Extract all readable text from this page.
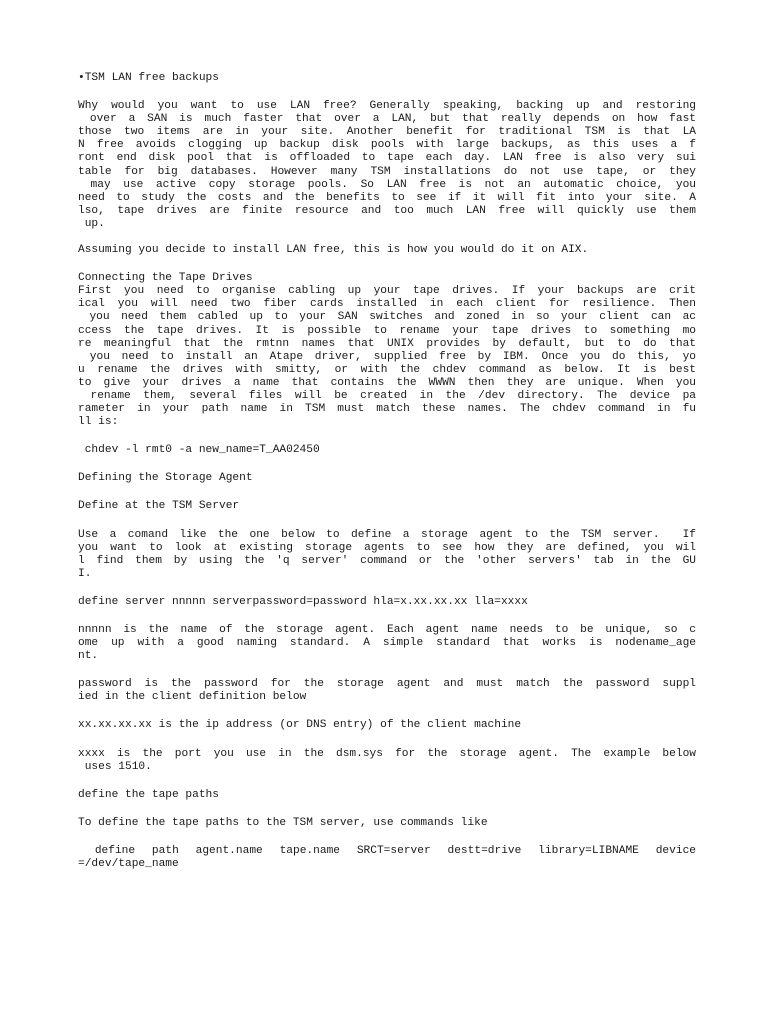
•TSM LAN free backups
Why would you want to use LAN free? Generally speaking, backing up and restoring
over a SAN is much faster that over a LAN, but that really depends on how fast
those two items are in your site. Another benefit for traditional TSM is that LA
N free avoids clogging up backup disk pools with large backups, as this uses a f
ront end disk pool that is offloaded to tape each day. LAN free is also very sui
table for big databases. However many TSM installations do not use tape, or they
may use active copy storage pools. So LAN free is not an automatic choice, you
need to study the costs and the benefits to see if it will fit into your site. A
lso, tape drives are finite resource and too much LAN free will quickly use them
up.
Assuming you decide to install LAN free, this is how you would do it on AIX.
Connecting the Tape Drives
First you need to organise cabling up your tape drives. If your backups are crit
ical you will need two fiber cards installed in each client for resilience. Then
you need them cabled up to your SAN switches and zoned in so your client can ac
ccess the tape drives. It is possible to rename your tape drives to something mo
re meaningful that the rmtnn names that UNIX provides by default, but to do that
you need to install an Atape driver, supplied free by IBM. Once you do this, yo
u rename the drives with smitty, or with the chdev command as below. It is best
to give your drives a name that contains the WWWN then they are unique. When you
rename them, several files will be created in the /dev directory. The device pa
rameter in your path name in TSM must match these names. The chdev command in fu
ll is:
chdev -l rmt0 -a new_name=T_AA02450
Defining the Storage Agent
Define at the TSM Server
Use a comand like the one below to define a storage agent to the TSM server.  If
you want to look at existing storage agents to see how they are defined, you wil
l find them by using the 'q server' command or the 'other servers' tab in the GU
I.
define server nnnnn serverpassword=password hla=x.xx.xx.xx lla=xxxx
nnnnn is the name of the storage agent. Each agent name needs to be unique, so c
ome up with a good naming standard. A simple standard that works is nodename_age
nt.
password is the password for the storage agent and must match the password suppl
ied in the client definition below
xx.xx.xx.xx is the ip address (or DNS entry) of the client machine
xxxx is the port you use in the dsm.sys for the storage agent. The example below
uses 1510.
define the tape paths
To define the tape paths to the TSM server, use commands like
define path agent.name tape.name SRCT=server destt=drive library=LIBNAME device
=/dev/tape_name
